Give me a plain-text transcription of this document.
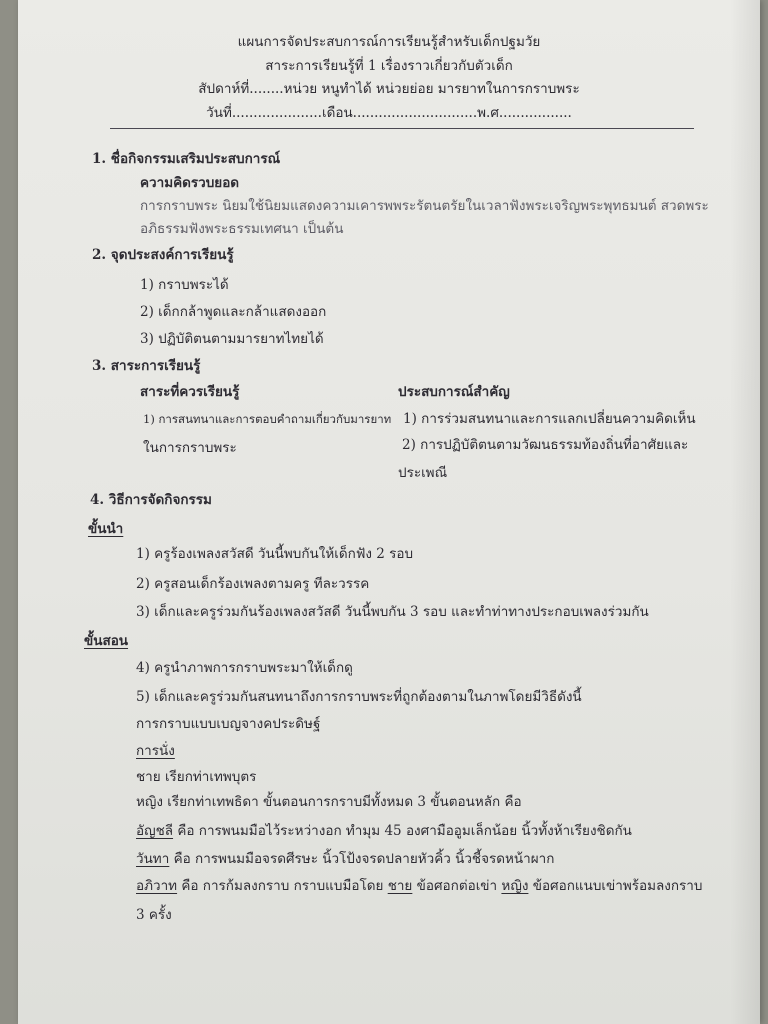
แผนการจัดประสบการณ์การเรียนรู้สำหรับเด็กปฐมวัย
สาระการเรียนรู้ที่ 1 เรื่องราวเกี่ยวกับตัวเด็ก
สัปดาห์ที่........หน่วย หนูทำได้ หน่วยย่อย มารยาทในการกราบพระ
วันที่.....................เดือน.............................พ.ศ.................
1. ชื่อกิจกรรมเสริมประสบการณ์
ความคิดรวบยอด
การกราบพระ นิยมใช้นิยมแสดงความเคารพพระรัตนตรัยในเวลาฟังพระเจริญพระพุทธมนต์ สวดพระ
อภิธรรมฟังพระธรรมเทศนา เป็นต้น
2. จุดประสงค์การเรียนรู้
1) กราบพระได้
2) เด็กกล้าพูดและกล้าแสดงออก
3) ปฏิบัติตนตามมารยาทไทยได้
3. สาระการเรียนรู้
สาระที่ควรเรียนรู้	ประสบการณ์สำคัญ
1) การสนทนาและการตอบคำถามเกี่ยวกับมารยาท 1) การร่วมสนทนาและการแลกเปลี่ยนความคิดเห็น
ในการกราบพระ	2) การปฏิบัติตนตามวัฒนธรรมท้องถิ่นที่อาศัยและ
ประเพณี
4. วิธีการจัดกิจกรรม
ขั้นนำ
1) ครูร้องเพลงสวัสดี วันนี้พบกันให้เด็กฟัง 2 รอบ
2) ครูสอนเด็กร้องเพลงตามครู ทีละวรรค
3) เด็กและครูร่วมกันร้องเพลงสวัสดี วันนี้พบกัน 3 รอบ และทำท่าทางประกอบเพลงร่วมกัน
ขั้นสอน
4) ครูนำภาพการกราบพระมาให้เด็กดู
5) เด็กและครูร่วมกันสนทนาถึงการกราบพระที่ถูกต้องตามในภาพโดยมีวิธีดังนี้
การกราบแบบเบญจางคประดิษฐ์
การนั่ง
ชาย เรียกท่าเทพบุตร
หญิง เรียกท่าเทพธิดา ขั้นตอนการกราบมีทั้งหมด 3 ขั้นตอนหลัก คือ
อัญชลี คือ การพนมมือไว้ระหว่างอก ทำมุม 45 องศามืออูมเล็กน้อย นิ้วทั้งห้าเรียงชิดกัน
วันทา คือ การพนมมือจรดศีรษะ นิ้วโป้งจรดปลายหัวคิ้ว นิ้วชี้จรดหน้าผาก
อภิวาท คือ การก้มลงกราบ กราบแบมือโดย ชาย ข้อศอกต่อเข่า หญิง ข้อศอกแนบเข่าพร้อมลงกราบ
3 ครั้ง
